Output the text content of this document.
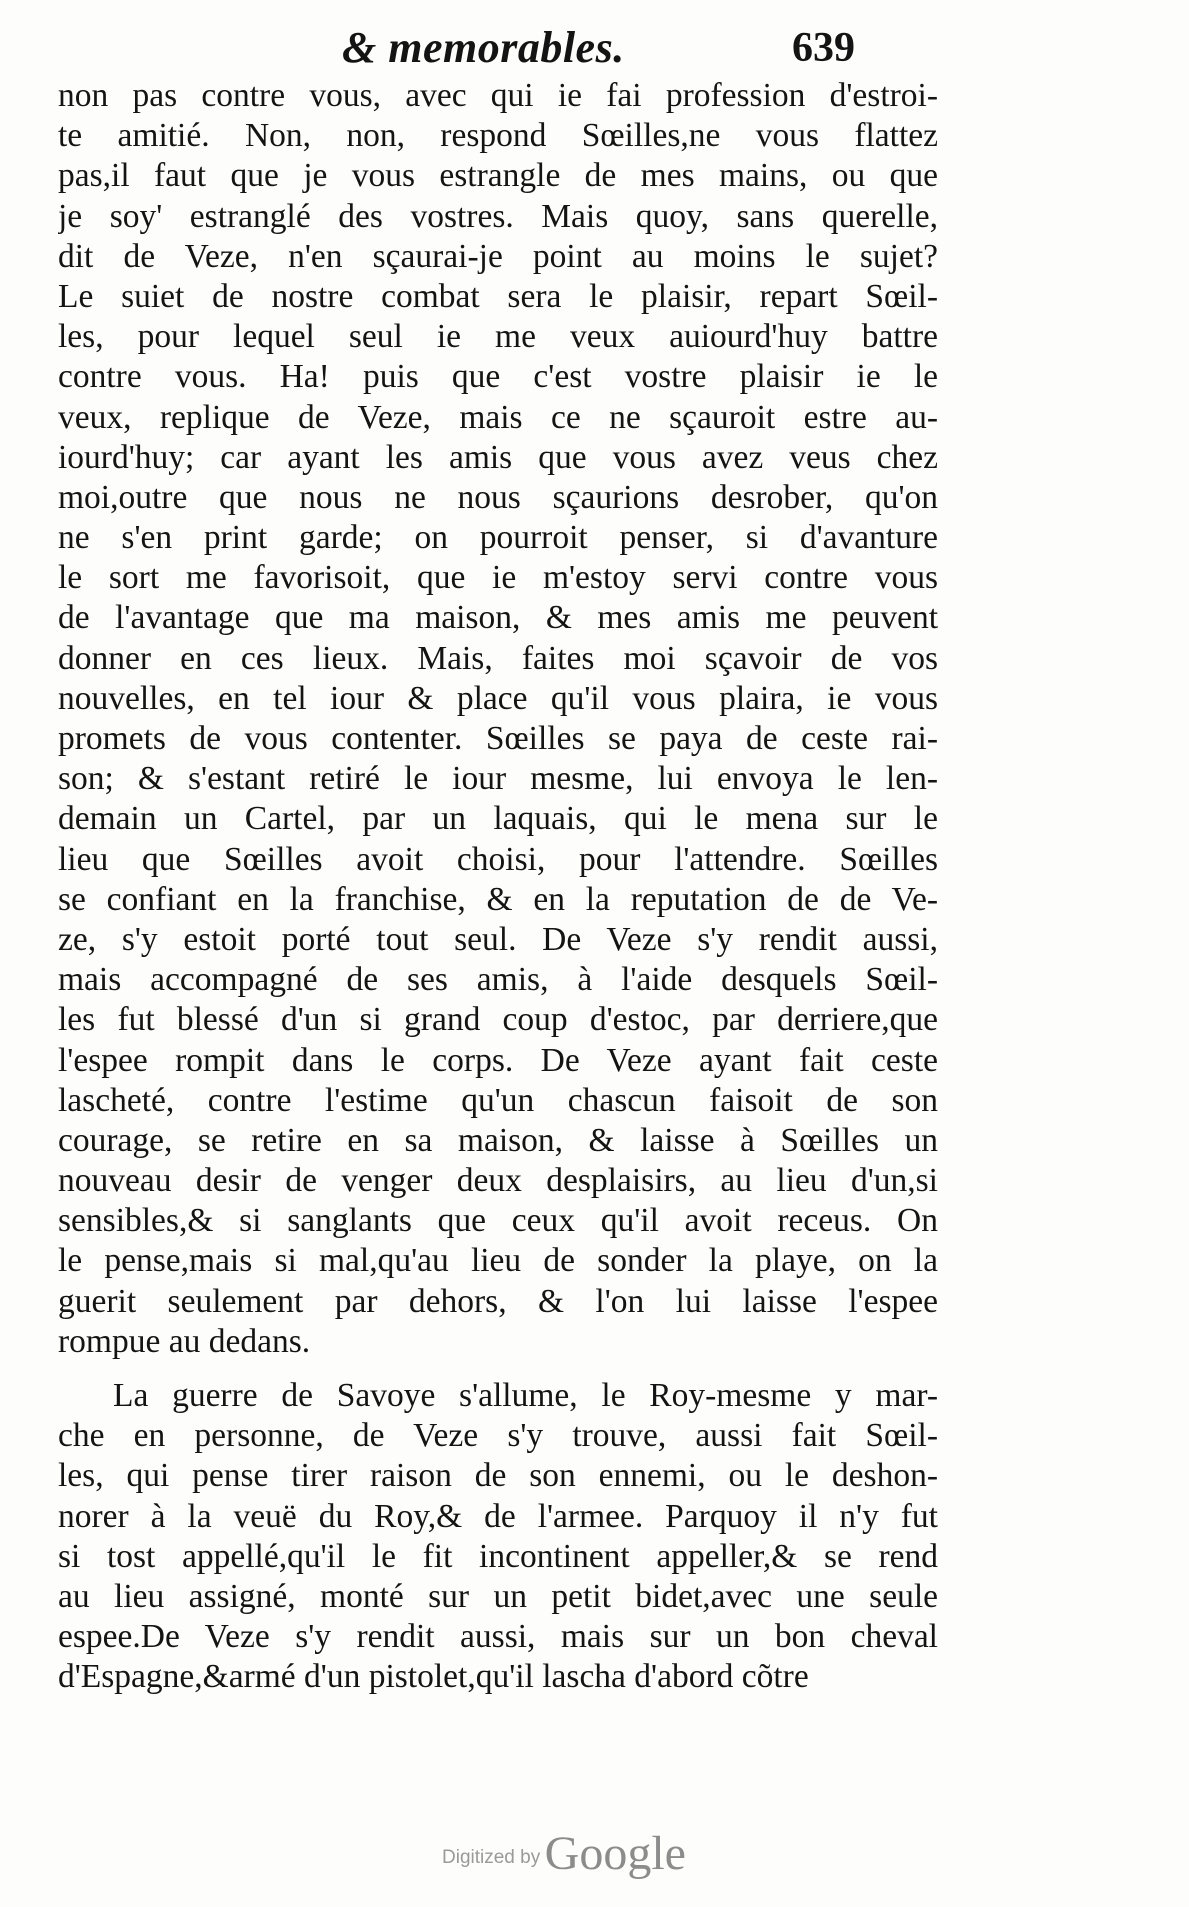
& memorables.	639
non pas contre vous, avec qui ie fai profession d'estroi-
te amitié. Non, non, respond Sœilles,ne vous flattez
pas,il faut que je vous estrangle de mes mains, ou que
je soy' estranglé des vostres. Mais quoy, sans querelle,
dit de Veze, n'en sçaurai-je point au moins le sujet?
Le suiet de nostre combat sera le plaisir, repart Sœil-
les, pour lequel seul ie me veux auiourd'huy battre
contre vous. Ha! puis que c'est vostre plaisir ie le
veux, replique de Veze, mais ce ne sçauroit estre au-
iourd'huy; car ayant les amis que vous avez veus chez
moi,outre que nous ne nous sçaurions desrober, qu'on
ne s'en print garde; on pourroit penser, si d'avanture
le sort me favorisoit, que ie m'estoy servi contre vous
de l'avantage que ma maison, & mes amis me peuvent
donner en ces lieux. Mais, faites moi sçavoir de vos
nouvelles, en tel iour & place qu'il vous plaira, ie vous
promets de vous contenter. Sœilles se paya de ceste rai-
son; & s'estant retiré le iour mesme, lui envoya le len-
demain un Cartel, par un laquais, qui le mena sur le
lieu que Sœilles avoit choisi, pour l'attendre. Sœilles
se confiant en la franchise, & en la reputation de de Ve-
ze, s'y estoit porté tout seul. De Veze s'y rendit aussi,
mais accompagné de ses amis, à l'aide desquels Sœil-
les fut blessé d'un si grand coup d'estoc, par derriere,que
l'espee rompit dans le corps. De Veze ayant fait ceste
lascheté, contre l'estime qu'un chascun faisoit de son
courage, se retire en sa maison, & laisse à Sœilles un
nouveau desir de venger deux desplaisirs, au lieu d'un,si
sensibles,& si sanglants que ceux qu'il avoit receus. On
le pense,mais si mal,qu'au lieu de sonder la playe, on la
guerit seulement par dehors, & l'on lui laisse l'espee
rompue au dedans.
La guerre de Savoye s'allume, le Roy-mesme y mar-
che en personne, de Veze s'y trouve, aussi fait Sœil-
les, qui pense tirer raison de son ennemi, ou le deshon-
norer à la veuë du Roy,& de l'armee. Parquoy il n'y fut
si tost appellé,qu'il le fit incontinent appeller,& se rend
au lieu assigné, monté sur un petit bidet,avec une seule
espee.De Veze s'y rendit aussi, mais sur un bon cheval
d'Espagne,&armé d'un pistolet,qu'il lascha d'abord cõtre
Digitized by Google
